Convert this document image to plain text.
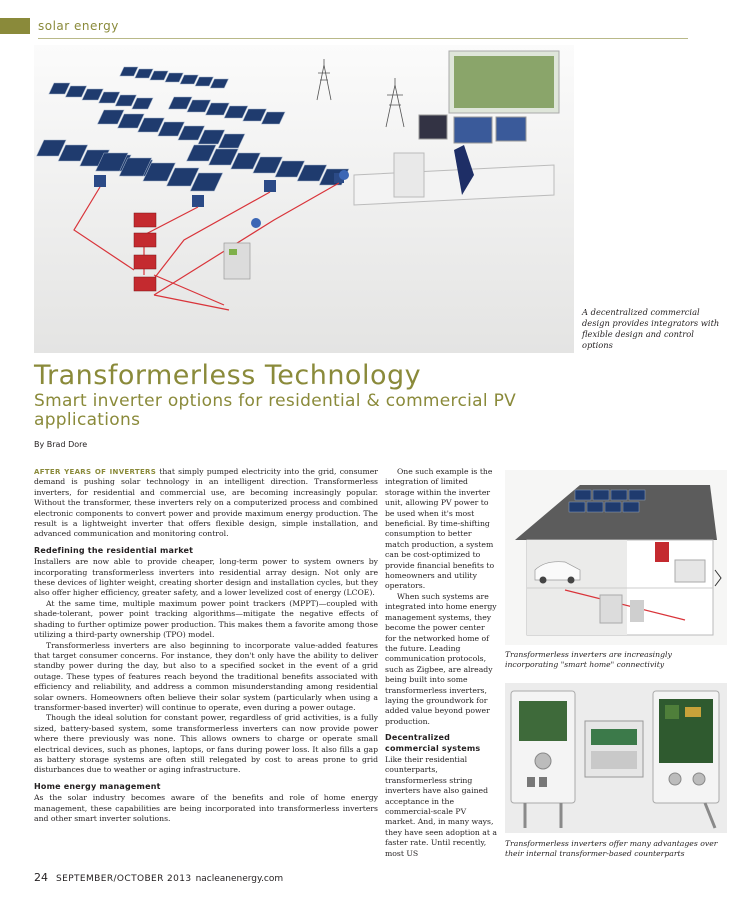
solar energy
A decentralized commercial design provides integrators with flexible design and control options
Transformerless Technology
Smart inverter options for residential & commercial PV applications
By Brad Dore

AFTER YEARS OF INVERTERS that simply pumped electricity into the grid, consumer demand is pushing solar technology in an intelligent direction. Transformerless inverters, for residential and commercial use, are becoming increasingly popular. Without the transformer, these inverters rely on a computerized process and combined electronic components to convert power and provide maximum energy production. The result is a lightweight inverter that offers flexible design, simple installation, and advanced communication and monitoring control.

Redefining the residential market

Installers are now able to provide cheaper, long-term power to system owners by incorporating transformerless inverters into residential array design. Not only are these devices of lighter weight, creating shorter design and installation cycles, but they also offer higher efficiency, greater safety, and a lower levelized cost of energy (LCOE).

At the same time, multiple maximum power point trackers (MPPT)—coupled with shade-tolerant, power point tracking algorithms—mitigate the negative effects of shading to further optimize power production. This makes them a favorite among those utilizing a third-party ownership (TPO) model.

Transformerless inverters are also beginning to incorporate value-added features that target consumer concerns. For instance, they don't only have the ability to deliver standby power during the day, but also to a specified socket in the event of a grid outage. These types of features reach beyond the traditional benefits associated with efficiency and reliability, and address a common misunderstanding among residential solar owners. Homeowners often believe their solar system (particularly when using a transformer-based inverter) will continue to operate, even during a power outage.

Though the ideal solution for constant power, regardless of grid activities, is a fully sized, battery-based system, some transformerless inverters can now provide power where there previously was none. This allows owners to charge or operate small electrical devices, such as phones, laptops, or fans during power loss. It also fills a gap as battery storage systems are often still relegated by cost to areas prone to grid disturbances due to weather or aging infrastructure.

Home energy management

As the solar industry becomes aware of the benefits and role of home energy management, these capabilities are being incorporated into transformerless inverters and other smart inverter solutions.

One such example is the integration of limited storage within the inverter unit, allowing PV power to be used when it's most beneficial. By time-shifting consumption to better match production, a system can be cost-optimized to provide financial benefits to homeowners and utility operators.

When such systems are integrated into home energy management systems, they become the power center for the networked home of the future. Leading communication protocols, such as Zigbee, are already being built into some transformerless inverters, laying the groundwork for added value beyond power production.

Decentralized commercial systems

Like their residential counterparts, transformerless string inverters have also gained acceptance in the commercial-scale PV market. And, in many ways, they have seen adoption at a faster rate. Until recently, most US

Transformerless inverters are increasingly incorporating "smart home" connectivity
Transformerless inverters offer many advantages over their internal transformer-based counterparts
24 SEPTEMBER/OCTOBER 2013 nacleanenergy.com
